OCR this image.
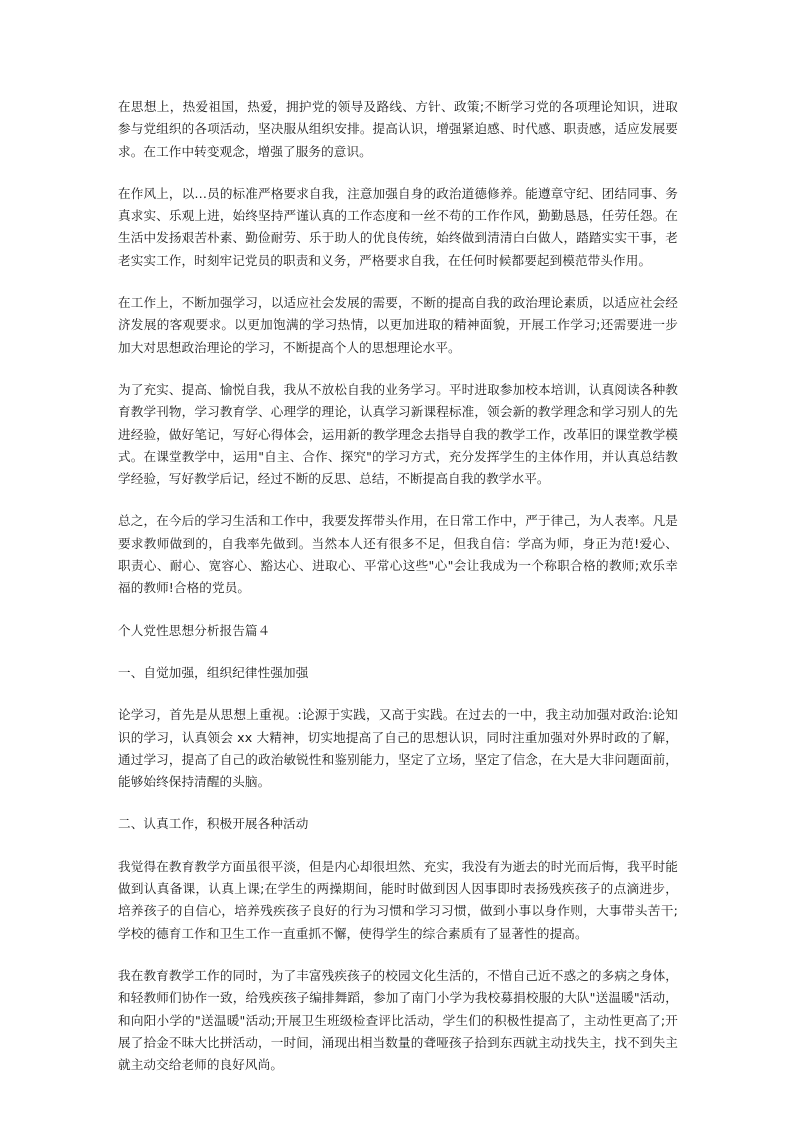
在思想上，热爱祖国，热爱，拥护党的领导及路线、方针、政策;不断学习党的各项理论知识，进取参与党组织的各项活动，坚决服从组织安排。提高认识，增强紧迫感、时代感、职责感，适应发展要求。在工作中转变观念，增强了服务的意识。

在作风上，以…员的标准严格要求自我，注意加强自身的政治道德修养。能遵章守纪、团结同事、务真求实、乐观上进，始终坚持严谨认真的工作态度和一丝不苟的工作作风，勤勤恳恳，任劳任怨。在生活中发扬艰苦朴素、勤俭耐劳、乐于助人的优良传统，始终做到清清白白做人，踏踏实实干事，老老实实工作，时刻牢记党员的职责和义务，严格要求自我，在任何时候都要起到模范带头作用。

在工作上，不断加强学习，以适应社会发展的需要，不断的提高自我的政治理论素质，以适应社会经济发展的客观要求。以更加饱满的学习热情，以更加进取的精神面貌，开展工作学习;还需要进一步加大对思想政治理论的学习，不断提高个人的思想理论水平。

为了充实、提高、愉悦自我，我从不放松自我的业务学习。平时进取参加校本培训，认真阅读各种教育教学刊物，学习教育学、心理学的理论，认真学习新课程标准，领会新的教学理念和学习别人的先进经验，做好笔记，写好心得体会，运用新的教学理念去指导自我的教学工作，改革旧的课堂教学模式。在课堂教学中，运用"自主、合作、探究"的学习方式，充分发挥学生的主体作用，并认真总结教学经验，写好教学后记，经过不断的反思、总结，不断提高自我的教学水平。

总之，在今后的学习生活和工作中，我要发挥带头作用，在日常工作中，严于律己，为人表率。凡是要求教师做到的，自我率先做到。当然本人还有很多不足，但我自信：学高为师，身正为范!爱心、职责心、耐心、宽容心、豁达心、进取心、平常心这些"心"会让我成为一个称职合格的教师;欢乐幸福的教师!合格的党员。

个人党性思想分析报告篇４

一、自觉加强，组织纪律性强加强

论学习，首先是从思想上重视。:论源于实践，又高于实践。在过去的一中，我主动加强对政治:论知识的学习，认真领会 xx 大精神，切实地提高了自己的思想认识，同时注重加强对外界时政的了解，通过学习，提高了自己的政治敏锐性和鉴别能力，坚定了立场，坚定了信念，在大是大非问题面前，能够始终保持清醒的头脑。

二、认真工作，积极开展各种活动

我觉得在教育教学方面虽很平淡，但是内心却很坦然、充实，我没有为逝去的时光而后悔，我平时能做到认真备课，认真上课;在学生的两操期间，能时时做到因人因事即时表扬残疾孩子的点滴进步，培养孩子的自信心，培养残疾孩子良好的行为习惯和学习习惯，做到小事以身作则，大事带头苦干;学校的德育工作和卫生工作一直重抓不懈，使得学生的综合素质有了显著性的提高。

我在教育教学工作的同时，为了丰富残疾孩子的校园文化生活的，不惜自己近不惑之的多病之身体，和轻教师们协作一致，给残疾孩子编排舞蹈，参加了南门小学为我校募捐校服的大队"送温暖"活动，和向阳小学的"送温暖"活动;开展卫生班级检查评比活动，学生们的积极性提高了，主动性更高了;开展了拾金不昧大比拼活动，一时间，涌现出相当数量的聋哑孩子拾到东西就主动找失主，找不到失主就主动交给老师的良好风尚。
